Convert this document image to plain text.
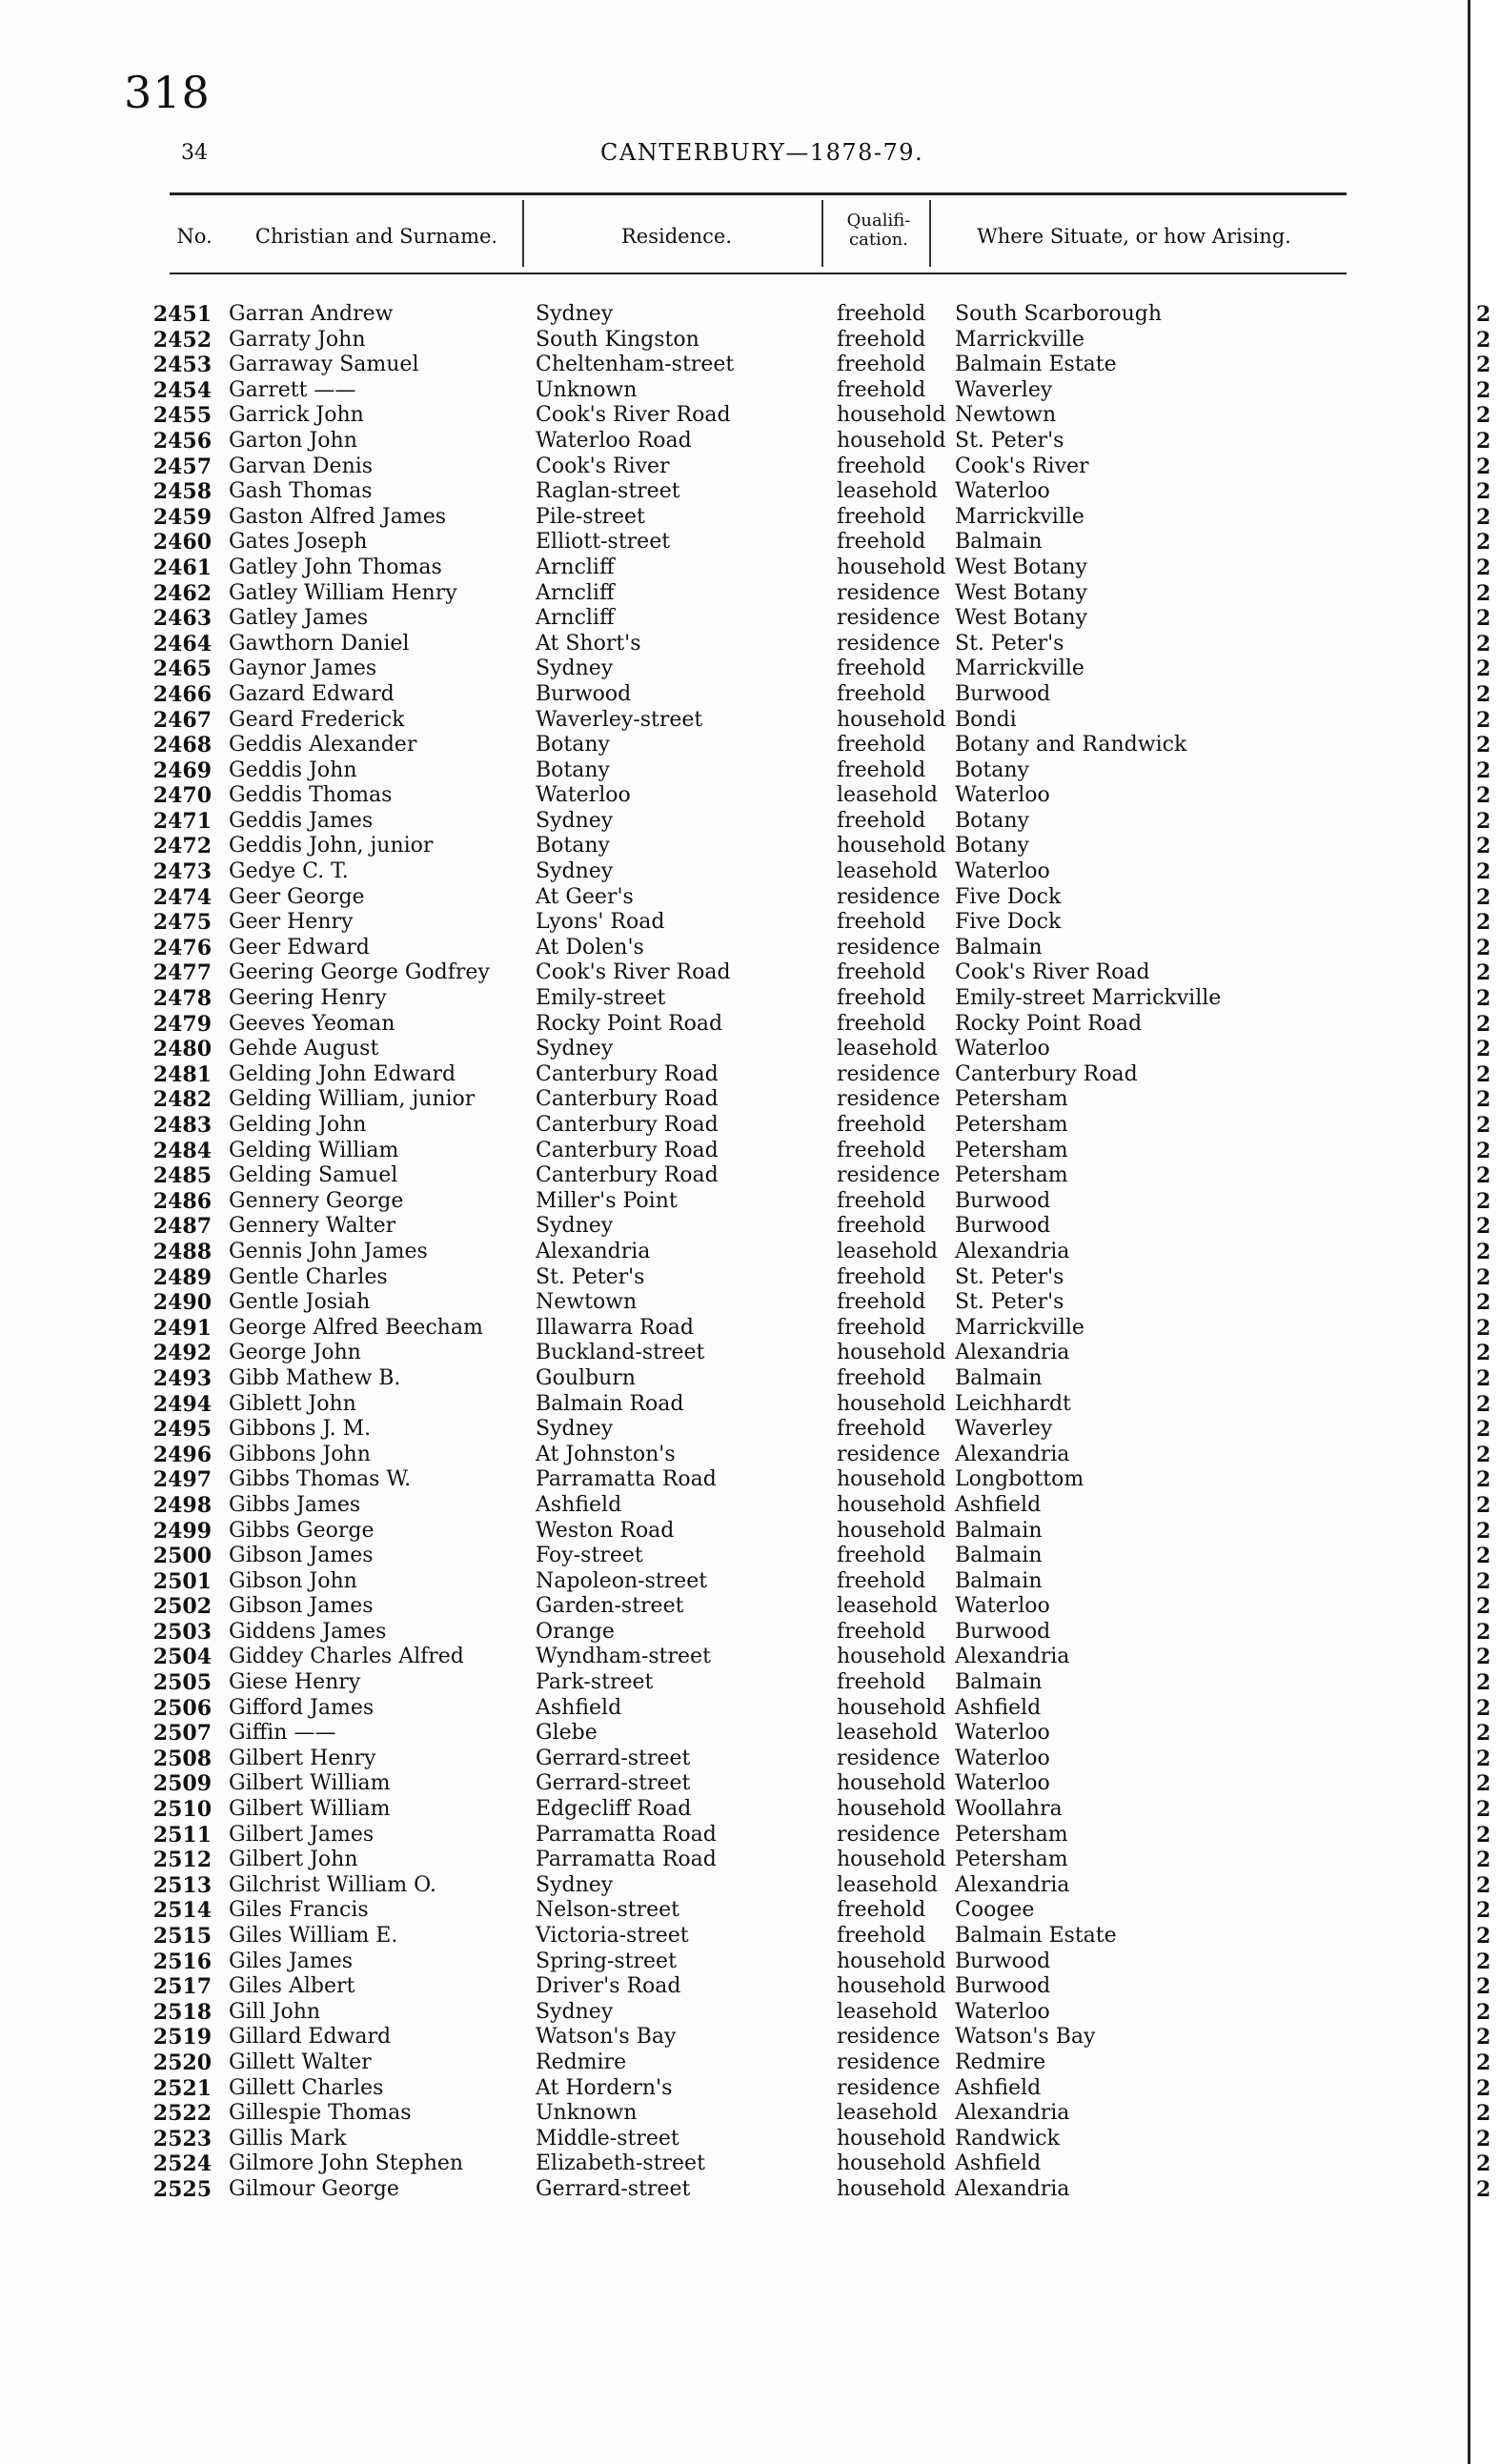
318
34	CANTERBURY—1878-79.
No.	Christian and Surname.	Residence.
Qualifi-cation.	Where Situate, or how Arising.
2451 Garran Andrew	Sydney	freehold	South Scarborough
2452 Garraty John	South Kingston	freehold	Marrickville
2453 Garraway Samuel	Cheltenham-street	freehold	Balmain Estate
2454 Garrett ——	Unknown	freehold	Waverley
2455 Garrick John	Cook's River Road	household Newtown
2456 Garton John	Waterloo Road	household St. Peter's
2457 Garvan Denis	Cook's River	freehold	Cook's River
2458 Gash Thomas	Raglan-street	leasehold Waterloo
2459 Gaston Alfred James	Pile-street	freehold	Marrickville
2460 Gates Joseph	Elliott-street	freehold	Balmain
2461 Gatley John Thomas	Arncliff	household West Botany
2462 Gatley William Henry	Arncliff	residence West Botany
2463 Gatley James	Arncliff	residence West Botany
2464 Gawthorn Daniel	At Short's	residence St. Peter's
2465 Gaynor James	Sydney	freehold	Marrickville
2466 Gazard Edward	Burwood	freehold	Burwood
2467 Geard Frederick	Waverley-street	household Bondi
2468 Geddis Alexander	Botany	freehold	Botany and Randwick
2469 Geddis John	Botany	freehold	Botany
2470 Geddis Thomas	Waterloo	leasehold Waterloo
2471 Geddis James	Sydney	freehold	Botany
2472 Geddis John, junior	Botany	household Botany
2473 Gedye C. T.	Sydney	leasehold Waterloo
2474 Geer George	At Geer's	residence Five Dock
2475 Geer Henry	Lyons' Road	freehold	Five Dock
2476 Geer Edward	At Dolen's	residence Balmain
2477 Geering George Godfrey	Cook's River Road	freehold	Cook's River Road
2478 Geering Henry	Emily-street	freehold	Emily-street Marrickville
2479 Geeves Yeoman	Rocky Point Road	freehold	Rocky Point Road
2480 Gehde August	Sydney	leasehold Waterloo
2481 Gelding John Edward	Canterbury Road	residence Canterbury Road
2482 Gelding William, junior	Canterbury Road	residence Petersham
2483 Gelding John	Canterbury Road	freehold	Petersham
2484 Gelding William	Canterbury Road	freehold	Petersham
2485 Gelding Samuel	Canterbury Road	residence Petersham
2486 Gennery George	Miller's Point	freehold	Burwood
2487 Gennery Walter	Sydney	freehold	Burwood
2488 Gennis John James	Alexandria	leasehold Alexandria
2489 Gentle Charles	St. Peter's	freehold	St. Peter's
2490 Gentle Josiah	Newtown	freehold	St. Peter's
2491 George Alfred Beecham	Illawarra Road	freehold	Marrickville
2492 George John	Buckland-street	household Alexandria
2493 Gibb Mathew B.	Goulburn	freehold	Balmain
2494 Giblett John	Balmain Road	household Leichhardt
2495 Gibbons J. M.	Sydney	freehold	Waverley
2496 Gibbons John	At Johnston's	residence Alexandria
2497 Gibbs Thomas W.	Parramatta Road	household Longbottom
2498 Gibbs James	Ashfield	household Ashfield
2499 Gibbs George	Weston Road	household Balmain
2500 Gibson James	Foy-street	freehold	Balmain
2501 Gibson John	Napoleon-street	freehold	Balmain
2502 Gibson James	Garden-street	leasehold Waterloo
2503 Giddens James	Orange	freehold	Burwood
2504 Giddey Charles Alfred	Wyndham-street	household Alexandria
2505 Giese Henry	Park-street	freehold	Balmain
2506 Gifford James	Ashfield	household Ashfield
2507 Giffin ——	Glebe	leasehold Waterloo
2508 Gilbert Henry	Gerrard-street	residence Waterloo
2509 Gilbert William	Gerrard-street	household Waterloo
2510 Gilbert William	Edgecliff Road	household Woollahra
2511 Gilbert James	Parramatta Road	residence Petersham
2512 Gilbert John	Parramatta Road	household Petersham
2513 Gilchrist William O.	Sydney	leasehold Alexandria
2514 Giles Francis	Nelson-street	freehold	Coogee
2515 Giles William E.	Victoria-street	freehold	Balmain Estate
2516 Giles James	Spring-street	household Burwood
2517 Giles Albert	Driver's Road	household Burwood
2518 Gill John	Sydney	leasehold Waterloo
2519 Gillard Edward	Watson's Bay	residence Watson's Bay
2520 Gillett Walter	Redmire	residence Redmire
2521 Gillett Charles	At Hordern's	residence Ashfield
2522 Gillespie Thomas	Unknown	leasehold Alexandria
2523 Gillis Mark	Middle-street	household Randwick
2524 Gilmore John Stephen	Elizabeth-street	household Ashfield
2525 Gilmour George	Gerrard-street	household Alexandria
2
2
2
2
2
2
2
2
2
2
2
2
2
2
2
2
2
2
2
2
2
2
2
2
2
2
2
2
2
2
2
2
2
2
2
2
2
2
2
2
2
2
2
2
2
2
2
2
2
2
2
2
2
2
2
2
2
2
2
2
2
2
2
2
2
2
2
2
2
2
2
2
2
2
2
